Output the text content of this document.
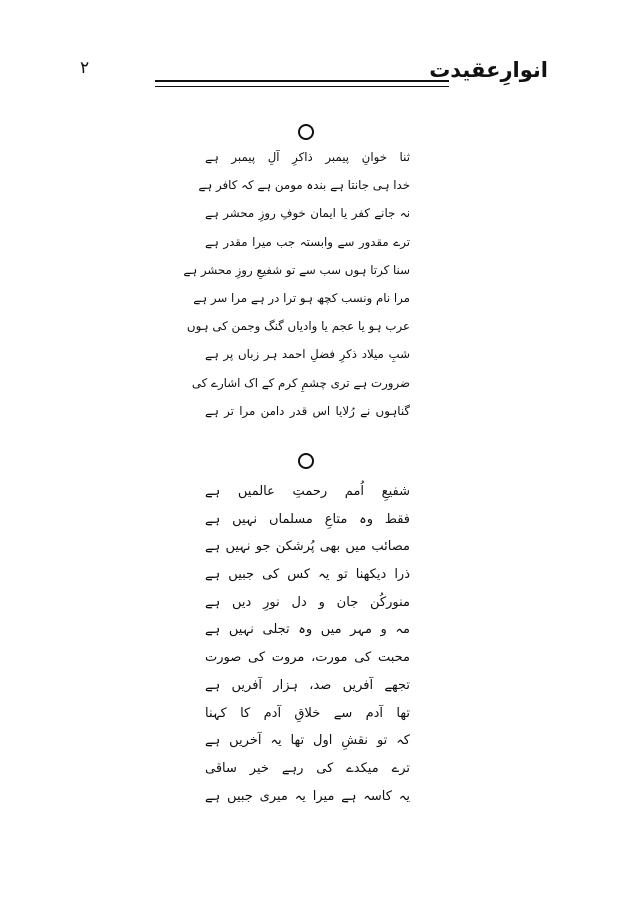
انوارِعقیدت
۲
ثنا خوانِ پیمبر ذاکرِ آلِ پیمبر ہے
خدا ہی جانتا ہے بندہ مومن ہے کہ کافر ہے
نہ جانے کفر یا ایمان خوفِ روزِ محشر ہے
ترے مقدور سے وابستہ جب میرا مقدر ہے
سنا کرتا ہوں سب سے تو شفیعِ روزِ محشر ہے
مرا نام ونسب کچھ ہو ترا در ہے مرا سر ہے
عرب ہو یا عجم یا وادیاں گنگ وجمن کی ہوں
شبِ میلاد ذکرِ فضلِ احمد ہر زباں پر ہے
ضرورت ہے تری چشمِ کرم کے اک اشارے کی
گناہوں نے رُلایا اس قدر دامن مرا تر ہے
شفیعِ اُمم رحمتِ عالمیں ہے
فقط وہ متاعِ مسلماں نہیں ہے
مصائب میں بھی پُرشکن جو نہیں ہے
ذرا دیکھنا تو یہ کس کی جبیں ہے
منورکُن جان و دل نورِ دیں ہے
مہ و مہر میں وہ تجلی نہیں ہے
محبت کی مورت، مروت کی صورت
تجھے آفریں صد، ہزار آفریں ہے
تھا آدم سے خلاقِ آدم کا کہنا
کہ تو نقشِ اول تھا یہ آخریں ہے
ترے میکدے کی رہے خیر ساقی
یہ کاسہ ہے میرا یہ میری جبیں ہے
